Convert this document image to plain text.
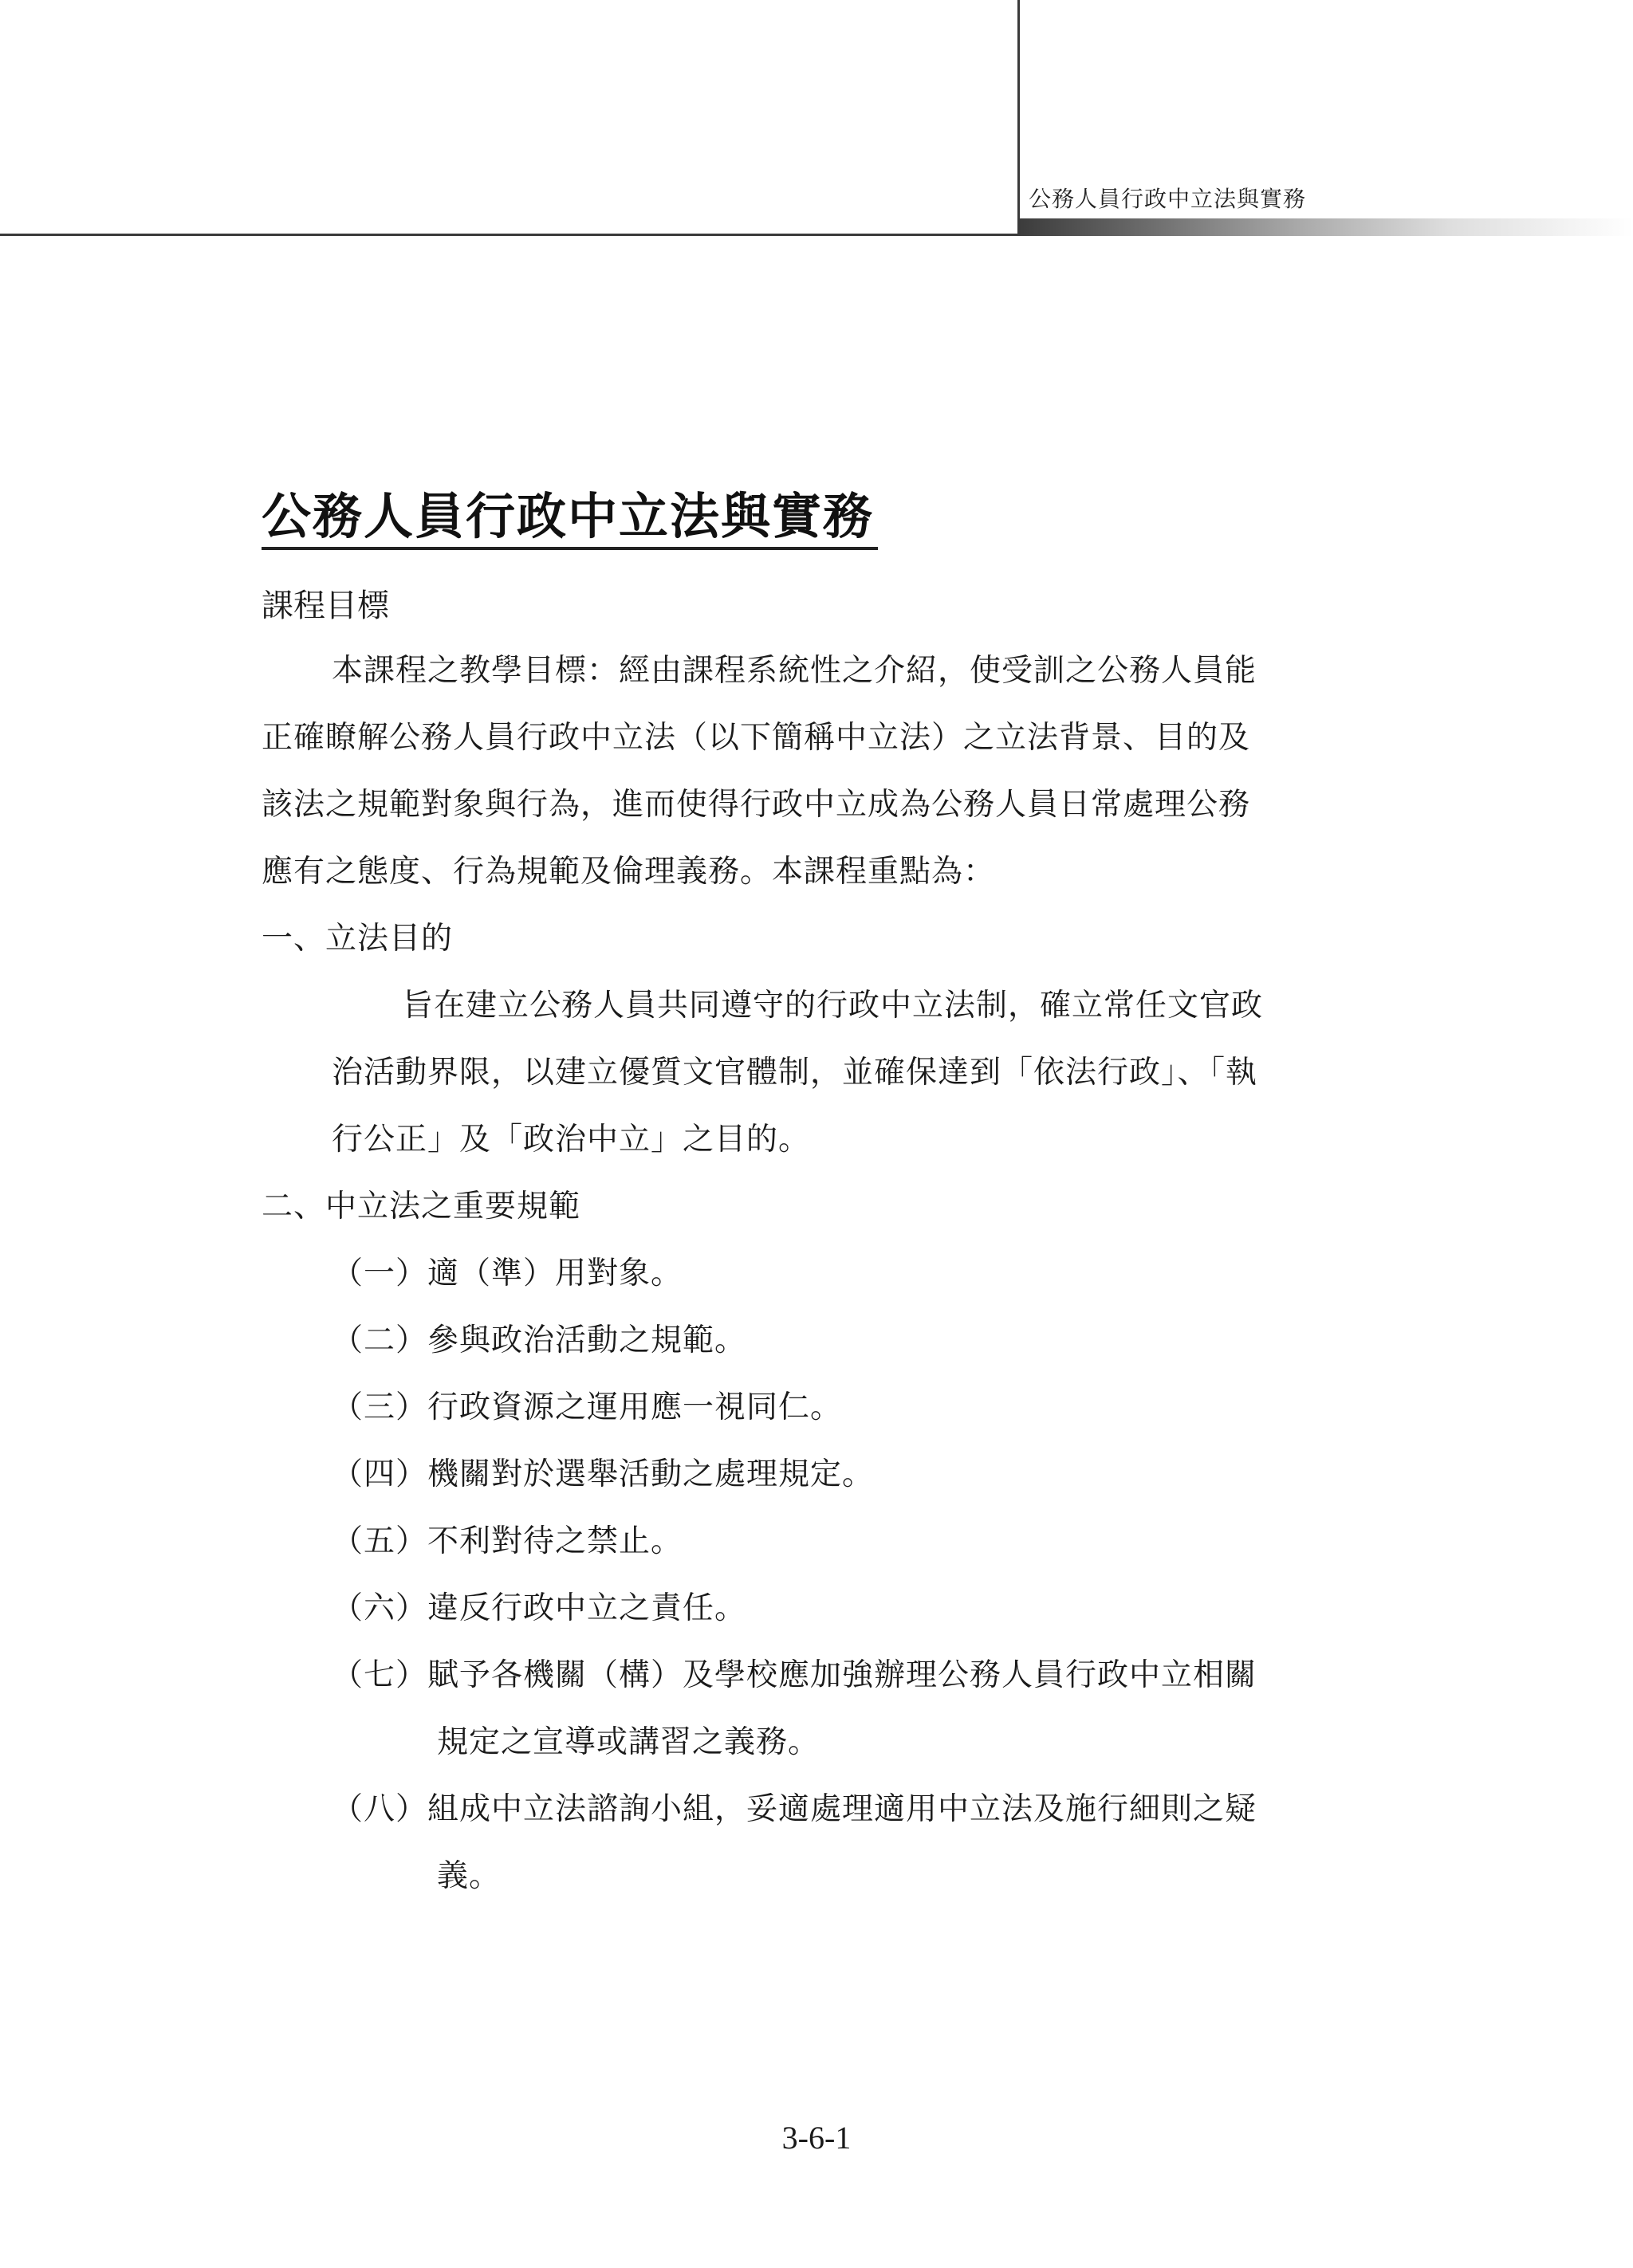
公務人員行政中立法與實務
公務人員行政中立法與實務
課程目標
本課程之教學目標：經由課程系統性之介紹，使受訓之公務人員能
正確瞭解公務人員行政中立法（以下簡稱中立法）之立法背景、目的及
該法之規範對象與行為，進而使得行政中立成為公務人員日常處理公務
應有之態度、行為規範及倫理義務。本課程重點為：
一、立法目的
旨在建立公務人員共同遵守的行政中立法制，確立常任文官政
治活動界限，以建立優質文官體制，並確保達到「依法行政」、「執
行公正」及「政治中立」之目的。
二、中立法之重要規範
（一）適（準）用對象。
（二）參與政治活動之規範。
（三）行政資源之運用應一視同仁。
（四）機關對於選舉活動之處理規定。
（五）不利對待之禁止。
（六）違反行政中立之責任。
（七）賦予各機關（構）及學校應加強辦理公務人員行政中立相關
規定之宣導或講習之義務。
（八）組成中立法諮詢小組，妥適處理適用中立法及施行細則之疑
義。
3-6-1
